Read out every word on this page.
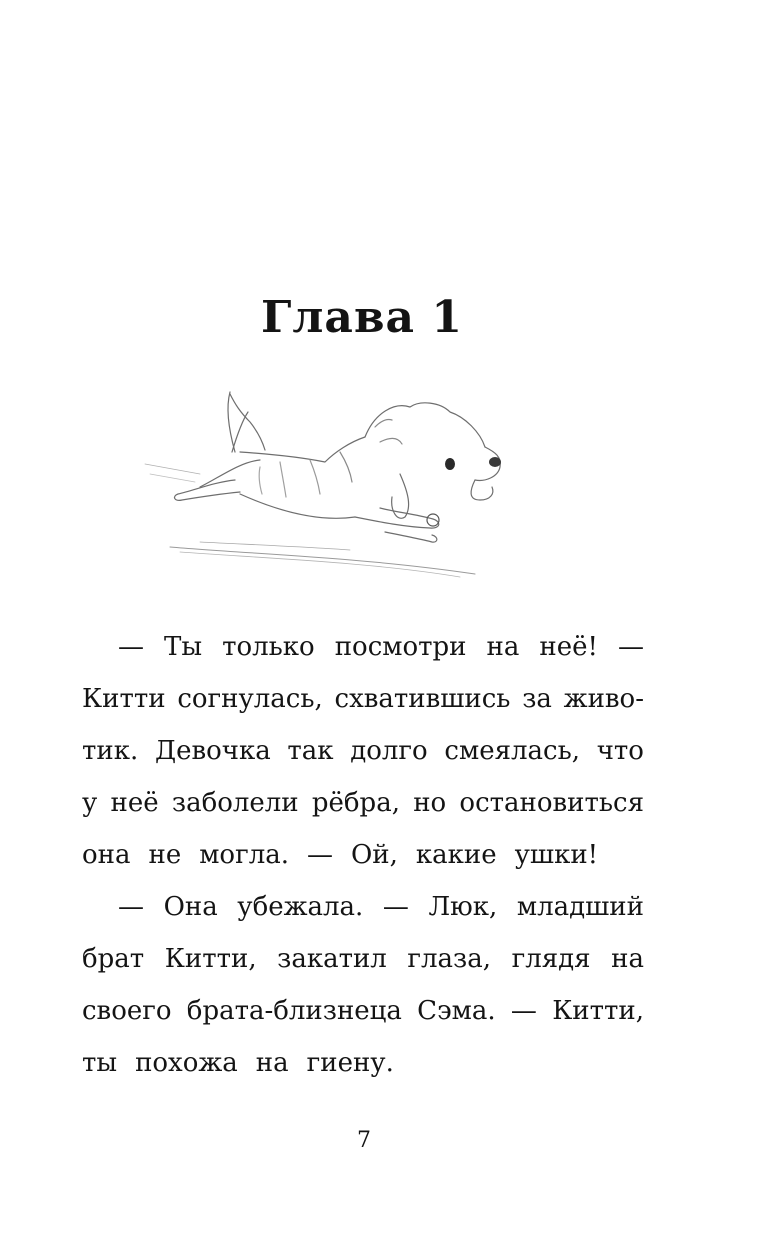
Глава 1
— Ты только посмотри на неё! —
Китти согнулась, схватившись за живо-
тик. Девочка так долго смеялась, что
у неё заболели рёбра, но остановиться
она не могла. — Ой, какие ушки!
— Она убежала. — Люк, младший
брат Китти, закатил глаза, глядя на
своего брата-близнеца Сэма. — Китти,
ты похожа на гиену.
7
